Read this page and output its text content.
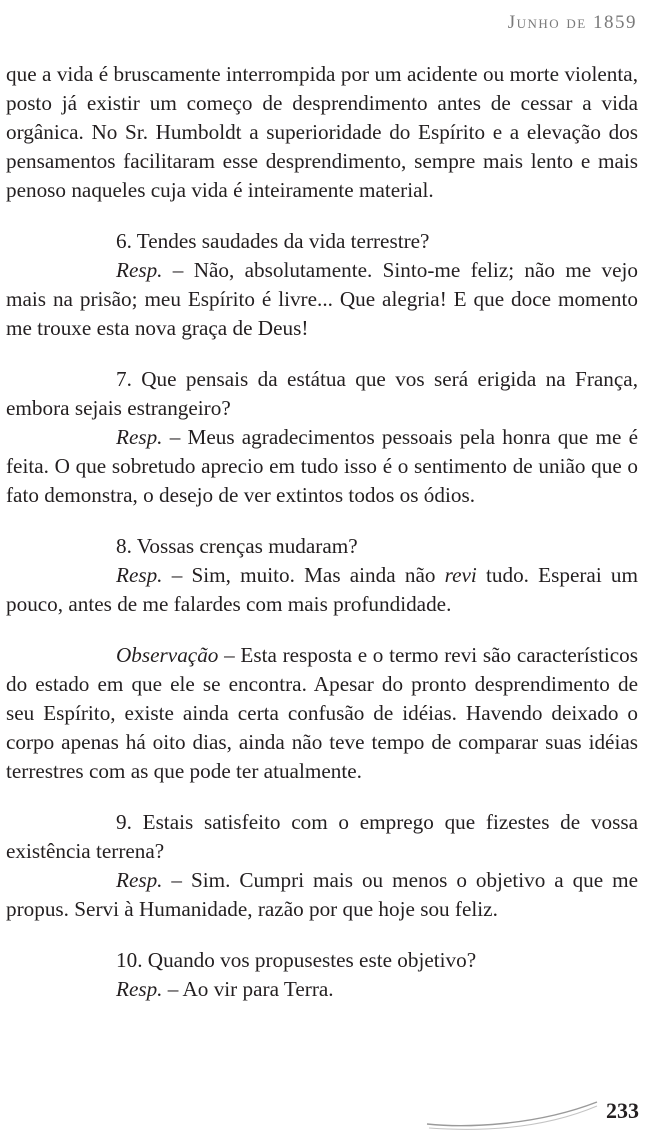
Junho de 1859

que a vida é bruscamente interrompida por um acidente ou morte violenta, posto já existir um começo de desprendimento antes de cessar a vida orgânica. No Sr. Humboldt a superioridade do Espírito e a elevação dos pensamentos facilitaram esse desprendimento, sempre mais lento e mais penoso naqueles cuja vida é inteiramente material.

6. Tendes saudades da vida terrestre?

Resp. – Não, absolutamente. Sinto-me feliz; não me vejo mais na prisão; meu Espírito é livre... Que alegria! E que doce momento me trouxe esta nova graça de Deus!

7. Que pensais da estátua que vos será erigida na França, embora sejais estrangeiro?

Resp. – Meus agradecimentos pessoais pela honra que me é feita. O que sobretudo aprecio em tudo isso é o sentimento de união que o fato demonstra, o desejo de ver extintos todos os ódios.

8. Vossas crenças mudaram?

Resp. – Sim, muito. Mas ainda não revi tudo. Esperai um pouco, antes de me falardes com mais profundidade.

Observação – Esta resposta e o termo revi são característicos do estado em que ele se encontra. Apesar do pronto desprendimento de seu Espírito, existe ainda certa confusão de idéias. Havendo deixado o corpo apenas há oito dias, ainda não teve tempo de comparar suas idéias terrestres com as que pode ter atualmente.

9. Estais satisfeito com o emprego que fizestes de vossa existência terrena?

Resp. – Sim. Cumpri mais ou menos o objetivo a que me propus. Servi à Humanidade, razão por que hoje sou feliz.

10. Quando vos propusestes este objetivo?

Resp. – Ao vir para Terra.

233
